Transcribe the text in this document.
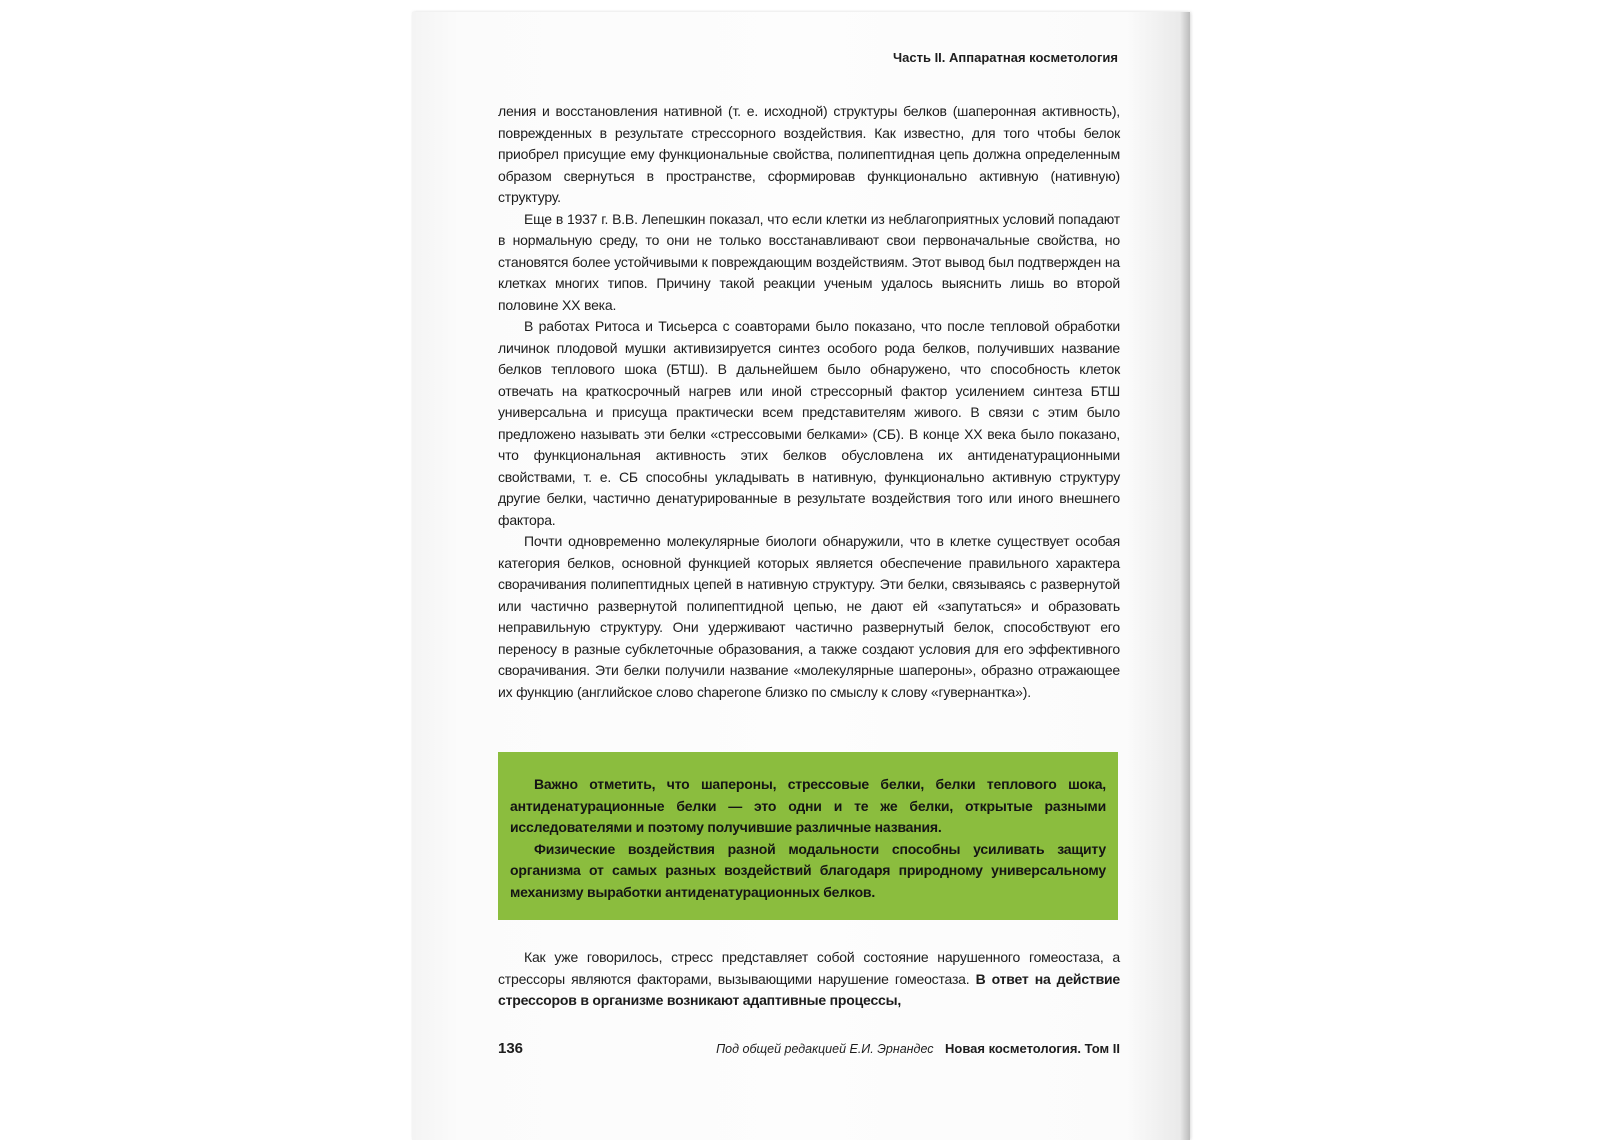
Часть II. Аппаратная косметология

ления и восстановления нативной (т. е. исходной) структуры белков (шаперонная активность), поврежденных в результате стрессорного воздействия. Как известно, для того чтобы белок приобрел присущие ему функциональные свойства, полипептидная цепь должна определенным образом свернуться в пространстве, сформировав функционально активную (нативную) структуру.

Еще в 1937 г. В.В. Лепешкин показал, что если клетки из неблагоприятных условий попадают в нормальную среду, то они не только восстанавливают свои первоначальные свойства, но становятся более устойчивыми к повреждающим воздействиям. Этот вывод был подтвержден на клетках многих типов. Причину такой реакции ученым удалось выяснить лишь во второй половине XX века.

В работах Ритоса и Тисьерса с соавторами было показано, что после тепловой обработки личинок плодовой мушки активизируется синтез особого рода белков, получивших название белков теплового шока (БТШ). В дальнейшем было обнаружено, что способность клеток отвечать на краткосрочный нагрев или иной стрессорный фактор усилением синтеза БТШ универсальна и присуща практически всем представителям живого. В связи с этим было предложено называть эти белки «стрессовыми белками» (СБ). В конце XX века было показано, что функциональная активность этих белков обусловлена их антиденатурационными свойствами, т. е. СБ способны укладывать в нативную, функционально активную структуру другие белки, частично денатурированные в результате воздействия того или иного внешнего фактора.

Почти одновременно молекулярные биологи обнаружили, что в клетке существует особая категория белков, основной функцией которых является обеспечение правильного характера сворачивания полипептидных цепей в нативную структуру. Эти белки, связываясь с развернутой или частично развернутой полипептидной цепью, не дают ей «запутаться» и образовать неправильную структуру. Они удерживают частично развернутый белок, способствуют его переносу в разные субклеточные образования, а также создают условия для его эффективного сворачивания. Эти белки получили название «молекулярные шапероны», образно отражающее их функцию (английское слово chaperone близко по смыслу к слову «гувернантка»).

Важно отметить, что шапероны, стрессовые белки, белки теплового шока, антиденатурационные белки — это одни и те же белки, открытые разными исследователями и поэтому получившие различные названия.

Физические воздействия разной модальности способны усиливать защиту организма от самых разных воздействий благодаря природному универсальному механизму выработки антиденатурационных белков.

Как уже говорилось, стресс представляет собой состояние нарушенного гомеостаза, а стрессоры являются факторами, вызывающими нарушение гомеостаза. В ответ на действие стрессоров в организме возникают адаптивные процессы,

136	Под общей редакцией Е.И. Эрнандес Новая косметология. Том II
